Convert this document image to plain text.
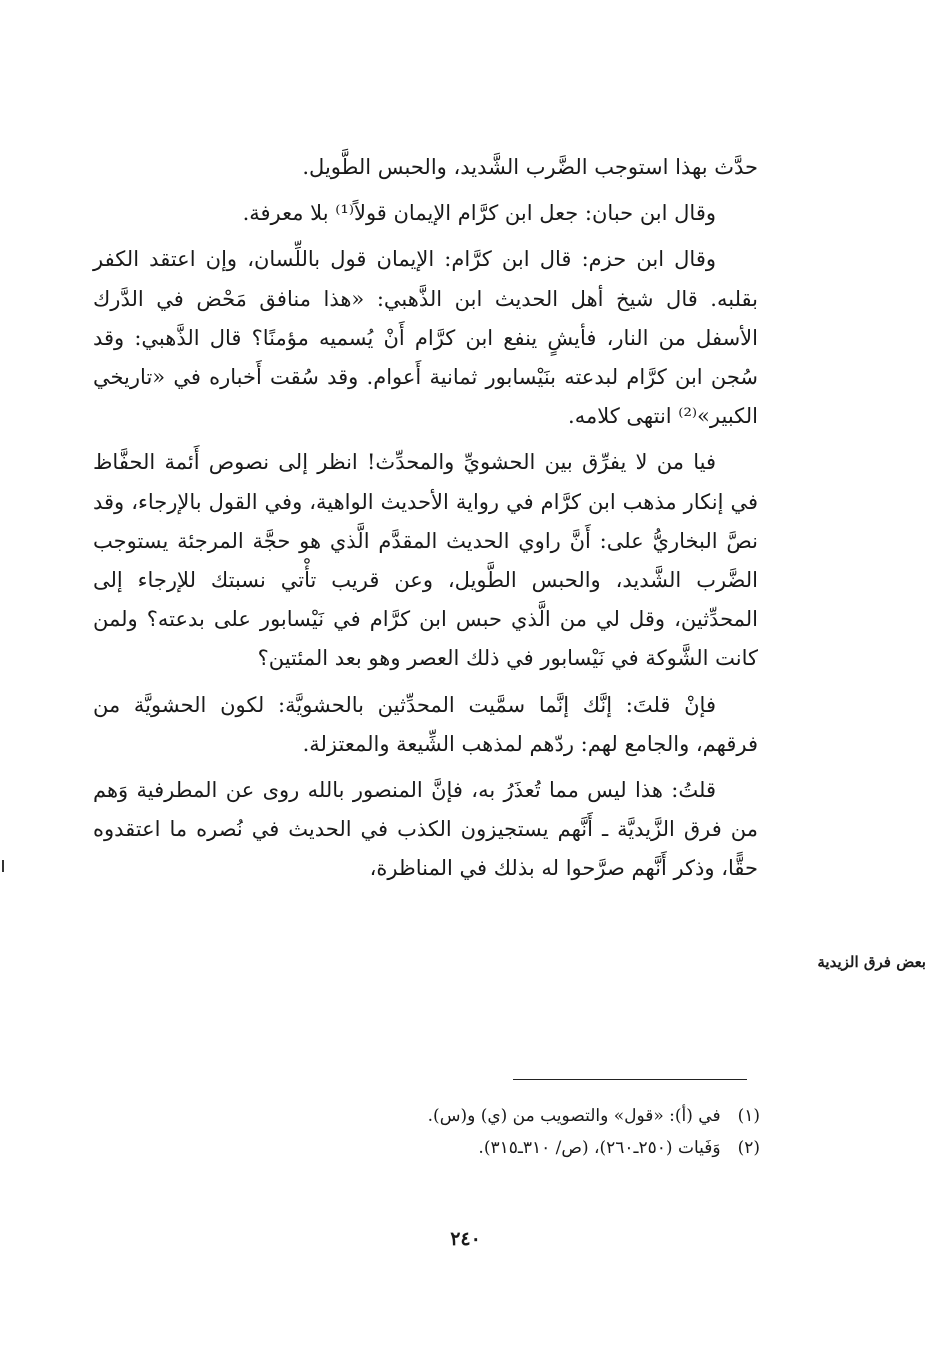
حدَّث بهذا استوجب الضَّرب الشَّديد، والحبس الطَّويل.

وقال ابن حبان: جعل ابن كرَّام الإيمان قولاً⁽¹⁾ بلا معرفة.

وقال ابن حزم: قال ابن كرَّام: الإيمان قول باللِّسان، وإن اعتقد الكفر بقلبه. قال شيخ أهل الحديث ابن الذَّهبي: «هذا منافق مَحْض في الدَّرك الأسفل من النار، فأيشٍ ينفع ابن كرَّام أَنْ يُسميه مؤمنًا؟ قال الذَّهبي: وقد سُجن ابن كرَّام لبدعته بنَيْسابور ثمانية أَعوام. وقد سُقت أَخباره في «تاريخي الكبير»⁽²⁾ انتهى كلامه.

فيا من لا يفرِّق بين الحشويِّ والمحدِّث! انظر إلى نصوص أَئمة الحفَّاظ في إنكار مذهب ابن كرَّام في رواية الأحديث الواهية، وفي القول بالإرجاء، وقد نصَّ البخاريُّ على: أَنَّ راوي الحديث المقدَّم الَّذي هو حجَّة المرجئة يستوجب الضَّرب الشَّديد، والحبس الطَّويل، وعن قريب تأْتي نسبتك للإرجاء إلى المحدِّثين، وقل لي من الَّذي حبس ابن كرَّام في نَيْسابور على بدعته؟ ولمن كانت الشَّوكة في نَيْسابور في ذلك العصر وهو بعد المئتين؟

فإنْ قلتَ: إنَّك إنَّما سمَّيت المحدِّثين بالحشويَّة: لكون الحشويَّة من فرقهم، والجامع لهم: ردّهم لمذهب الشِّيعة والمعتزلة.

قلتُ: هذا ليس مما تُعذَرُ به، فإنَّ المنصور بالله روى عن المطرفية وَهم من فرق الزَّيديَّة ـ أَنَّهم يستجيزون الكذب في الحديث في نُصره ما اعتقدوه حقًّا، وذكر أَنَّهم صرَّحوا له بذلك في المناظرة،

بعض فرق الزيدية
(١) في (أ): «قول» والتصويب من (ي) و(س).
(٢) وَفَيات (٢٥٠ـ٢٦٠)، (ص/ ٣١٠ـ٣١٥).
٢٤٠
